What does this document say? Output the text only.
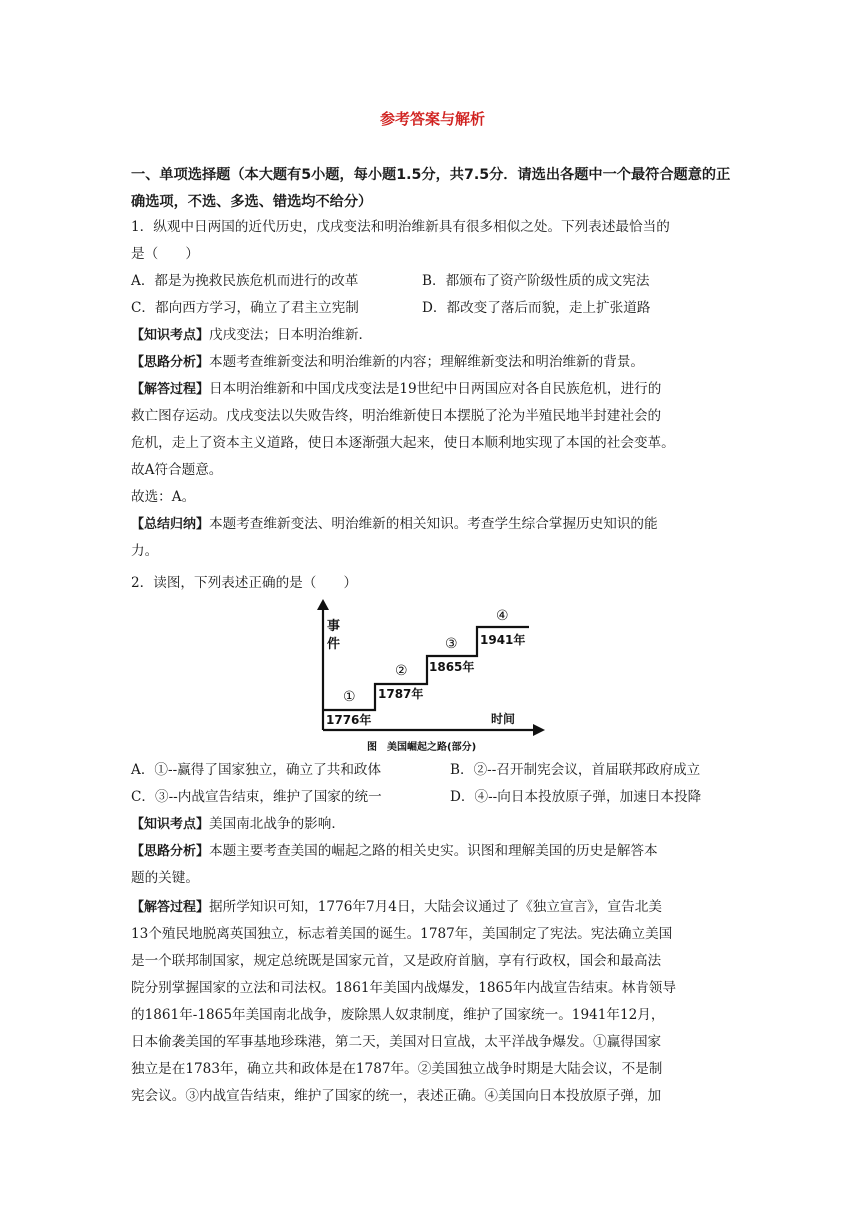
参考答案与解析
一、单项选择题（本大题有5小题，每小题1.5分，共7.5分．请选出各题中一个最符合题意的正确选项，不选、多选、错选均不给分）
1．纵观中日两国的近代历史，戊戌变法和明治维新具有很多相似之处。下列表述最恰当的
是（　　）
A．都是为挽救民族危机而进行的改革	B．都颁布了资产阶级性质的成文宪法
C．都向西方学习，确立了君主立宪制	D．都改变了落后而貌，走上扩张道路
【知识考点】戊戌变法；日本明治维新．
【思路分析】本题考查维新变法和明治维新的内容；理解维新变法和明治维新的背景。
【解答过程】日本明治维新和中国戊戌变法是19世纪中日两国应对各自民族危机，进行的
救亡图存运动。戊戌变法以失败告终，明治维新使日本摆脱了沦为半殖民地半封建社会的
危机，走上了资本主义道路，使日本逐渐强大起来，使日本顺利地实现了本国的社会变革。
故A符合题意。
故选：A。
【总结归纳】本题考查维新变法、明治维新的相关知识。考查学生综合掌握历史知识的能
力。
2．读图，下列表述正确的是（　　）
事
件
①
1776年
②
1787年
③
1865年
④
1941年
时间
图　美国崛起之路(部分)
A．①--赢得了国家独立，确立了共和政体	B．②--召开制宪会议，首届联邦政府成立
C．③--内战宣告结束，维护了国家的统一	D．④--向日本投放原子弹，加速日本投降
【知识考点】美国南北战争的影响．
【思路分析】本题主要考查美国的崛起之路的相关史实。识图和理解美国的历史是解答本
题的关键。
【解答过程】据所学知识可知，1776年7月4日，大陆会议通过了《独立宣言》，宣告北美
13个殖民地脱离英国独立，标志着美国的诞生。1787年，美国制定了宪法。宪法确立美国
是一个联邦制国家，规定总统既是国家元首，又是政府首脑，享有行政权，国会和最高法
院分别掌握国家的立法和司法权。1861年美国内战爆发，1865年内战宣告结束。林肯领导
的1861年-1865年美国南北战争，废除黑人奴隶制度，维护了国家统一。1941年12月，
日本偷袭美国的军事基地珍珠港，第二天，美国对日宣战，太平洋战争爆发。①赢得国家
独立是在1783年，确立共和政体是在1787年。②美国独立战争时期是大陆会议，不是制
宪会议。③内战宣告结束，维护了国家的统一，表述正确。④美国向日本投放原子弹，加
